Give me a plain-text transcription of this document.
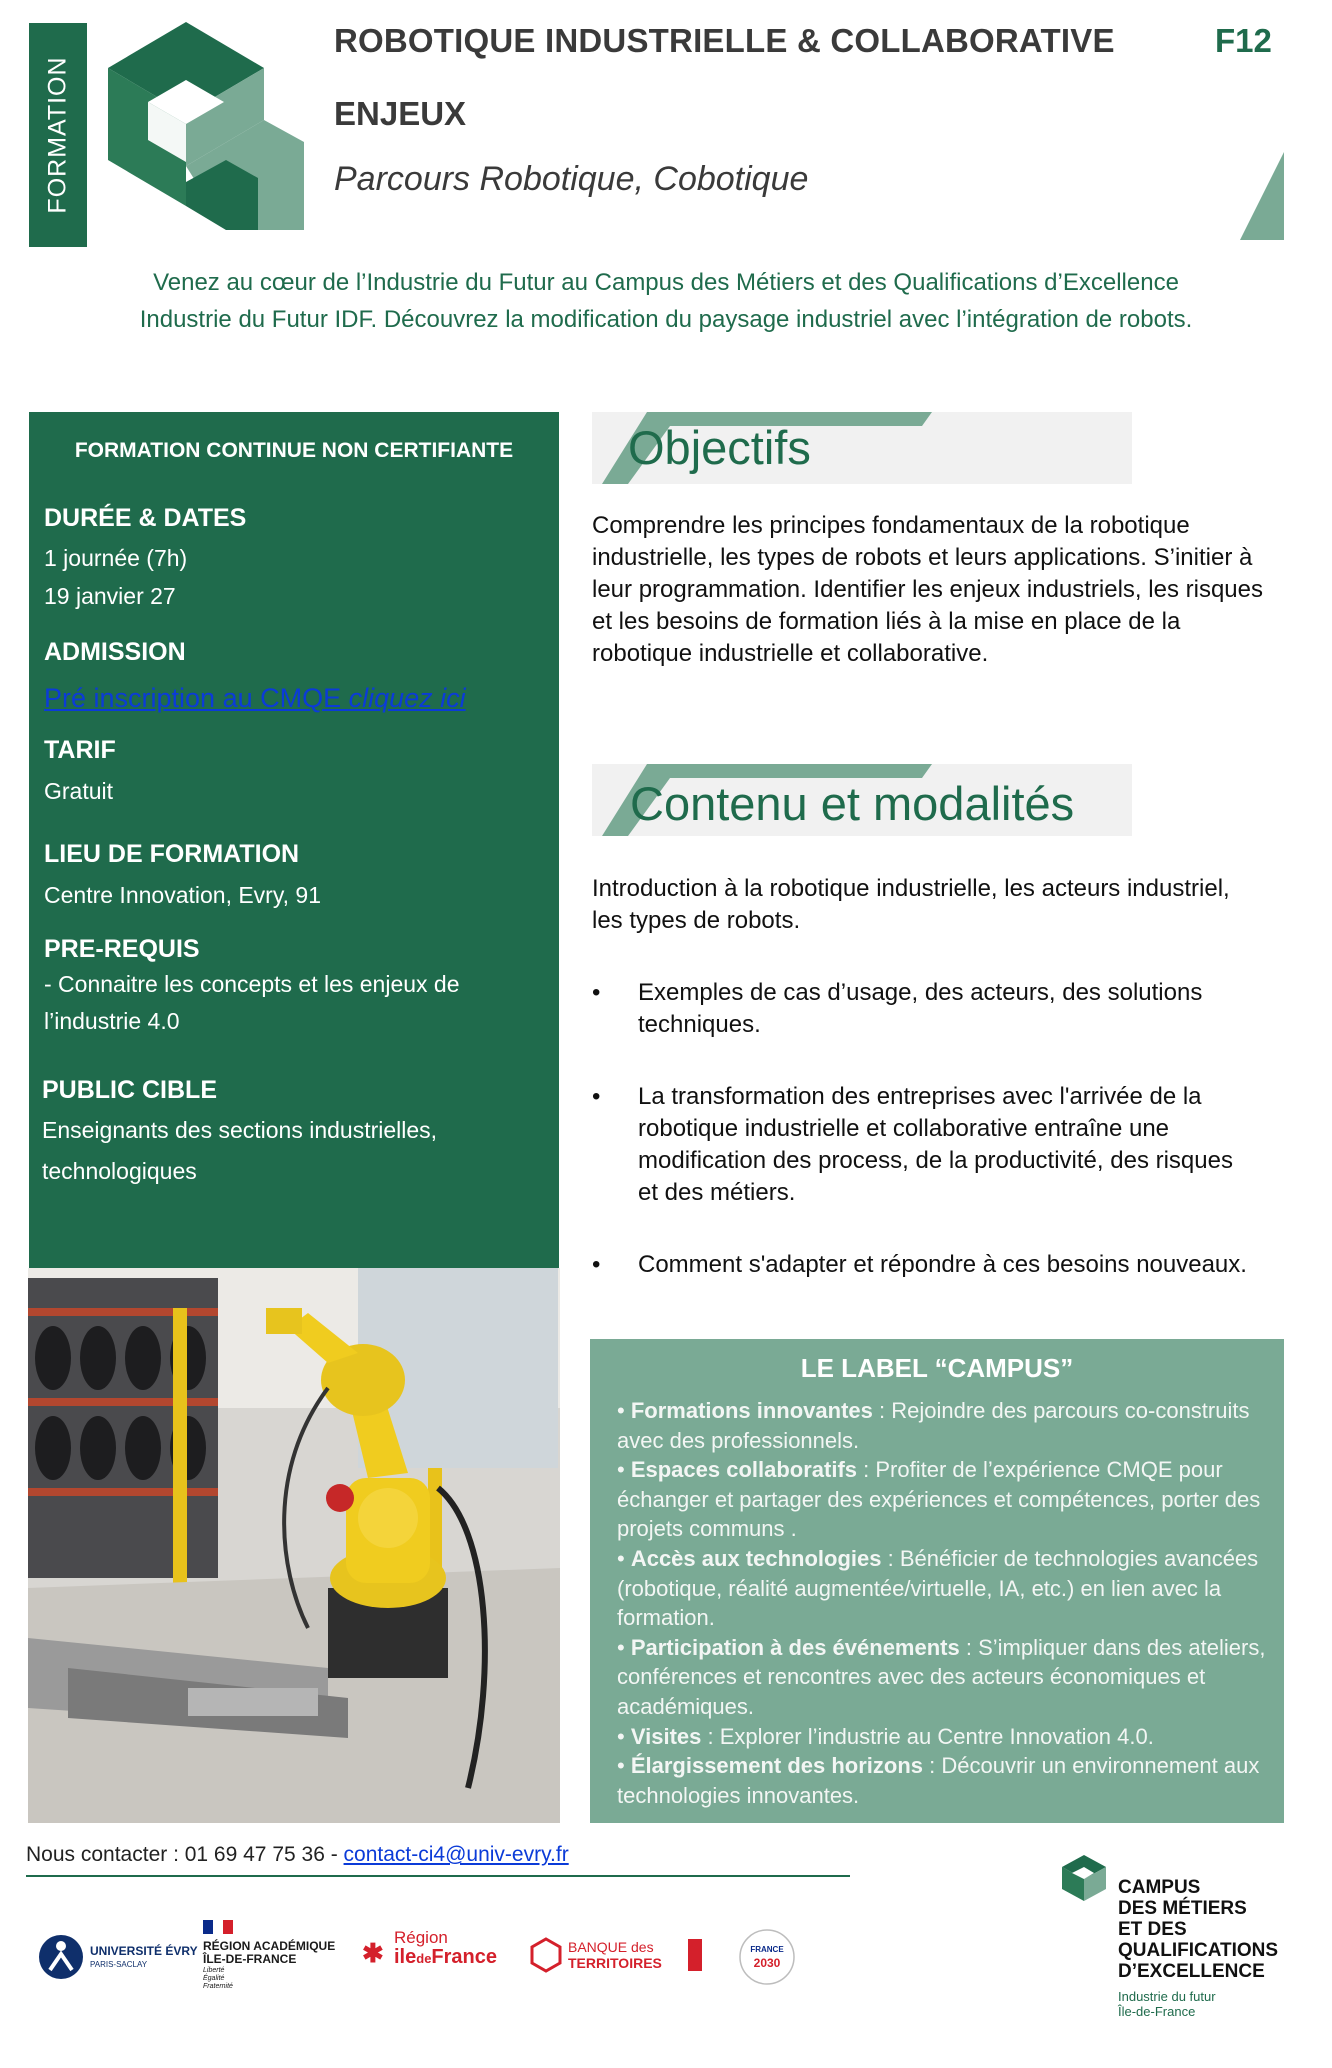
FORMATION
ROBOTIQUE INDUSTRIELLE & COLLABORATIVE	F12
ENJEUX
Parcours Robotique, Cobotique
Venez au cœur de l’Industrie du Futur au Campus des Métiers et des Qualifications d’Excellence
Industrie du Futur IDF. Découvrez la modification du paysage industriel avec l’intégration de robots.
FORMATION CONTINUE NON CERTIFIANTE
DURÉE & DATES
1 journée (7h)
19 janvier 27
ADMISSION
Pré inscription au CMQE cliquez ici
TARIF
Gratuit
LIEU DE FORMATION
Centre Innovation, Evry, 91
PRE-REQUIS
- Connaitre les concepts et les enjeux de
l’industrie 4.0
PUBLIC CIBLE
Enseignants des sections industrielles,
technologiques
Objectifs
Comprendre les principes fondamentaux de la robotique industrielle, les types de robots et leurs applications. S’initier à leur programmation. Identifier les enjeux industriels, les risques et les besoins de formation liés à la mise en place de la robotique industrielle et collaborative.
Contenu et modalités
Introduction à la robotique industrielle, les acteurs industriel, les types de robots.
• Exemples de cas d’usage, des acteurs, des solutions techniques.
• La transformation des entreprises avec l'arrivée de la robotique industrielle et collaborative entraîne une modification des process, de la productivité, des risques et des métiers.
• Comment s'adapter et répondre à ces besoins nouveaux.
LE LABEL “CAMPUS”
• Formations innovantes : Rejoindre des parcours co-construits avec des professionnels.
• Espaces collaboratifs : Profiter de l’expérience CMQE pour échanger et partager des expériences et compétences, porter des projets communs .
• Accès aux technologies : Bénéficier de technologies avancées (robotique, réalité augmentée/virtuelle, IA, etc.) en lien avec la formation.
• Participation à des événements : S’impliquer dans des ateliers, conférences et rencontres avec des acteurs économiques et académiques.
• Visites : Explorer l’industrie au Centre Innovation 4.0.
• Élargissement des horizons : Découvrir un environnement aux technologies innovantes.
Nous contacter : 01 69 47 75 36 - contact-ci4@univ-evry.fr
UNIVERSITÉ ÉVRY
PARIS-SACLAY
RÉGION ACADÉMIQUE
ÎLE-DE-FRANCE
Liberté
Égalité
Fraternité
✱
Région
iledeFrance	BANQUE des
TERRITOIRES
FRANCE
2030
CAMPUS
DES MÉTIERS
ET DES
QUALIFICATIONS
D’EXCELLENCE
Industrie du futur
Île-de-France
